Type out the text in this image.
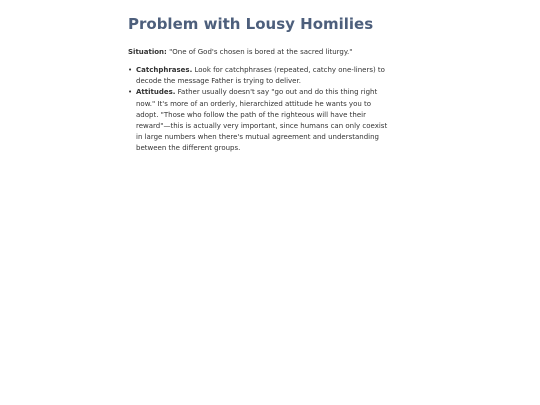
Problem with Lousy Homilies

Situation: "One of God's chosen is bored at the sacred liturgy."

• Catchphrases. Look for catchphrases (repeated, catchy one-liners) to decode the message Father is trying to deliver.
• Attitudes. Father usually doesn't say "go out and do this thing right now." It's more of an orderly, hierarchized attitude he wants you to adopt. "Those who follow the path of the righteous will have their reward"—this is actually very important, since humans can only coexist in large numbers when there's mutual agreement and understanding between the different groups.
